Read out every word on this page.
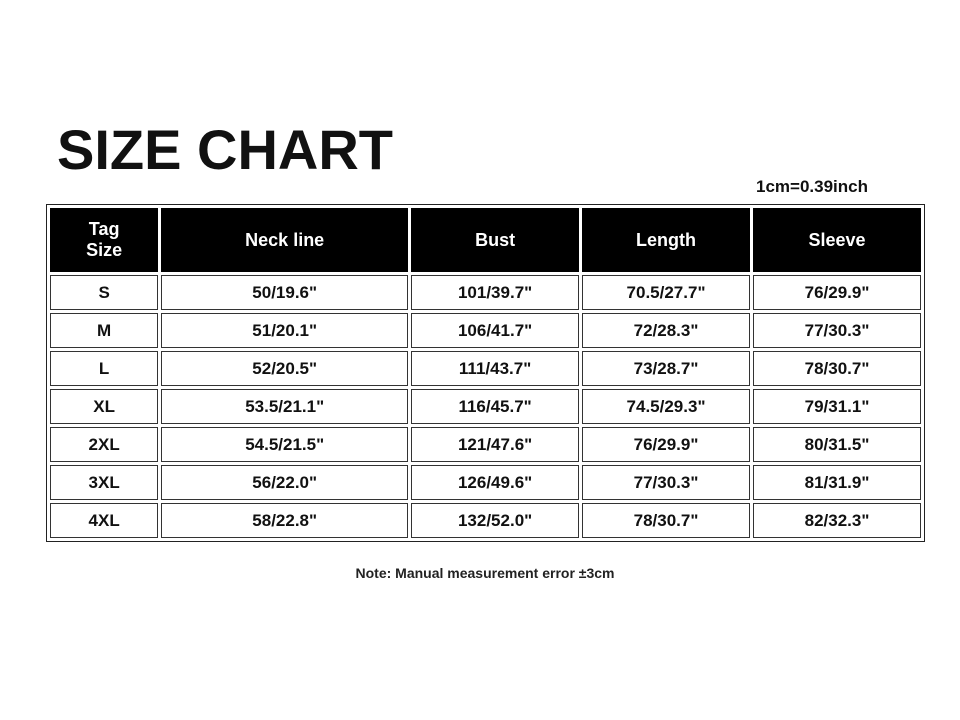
SIZE CHART
1cm=0.39inch
Tag
Size	Neck line	Bust	Length	Sleeve
S	50/19.6"	101/39.7"	70.5/27.7"	76/29.9"
M	51/20.1"	106/41.7"	72/28.3"	77/30.3"
L	52/20.5"	111/43.7"	73/28.7"	78/30.7"
XL	53.5/21.1"	116/45.7"	74.5/29.3"	79/31.1"
2XL	54.5/21.5"	121/47.6"	76/29.9"	80/31.5"
3XL	56/22.0"	126/49.6"	77/30.3"	81/31.9"
4XL	58/22.8"	132/52.0"	78/30.7"	82/32.3"
Note: Manual measurement error ±3cm
